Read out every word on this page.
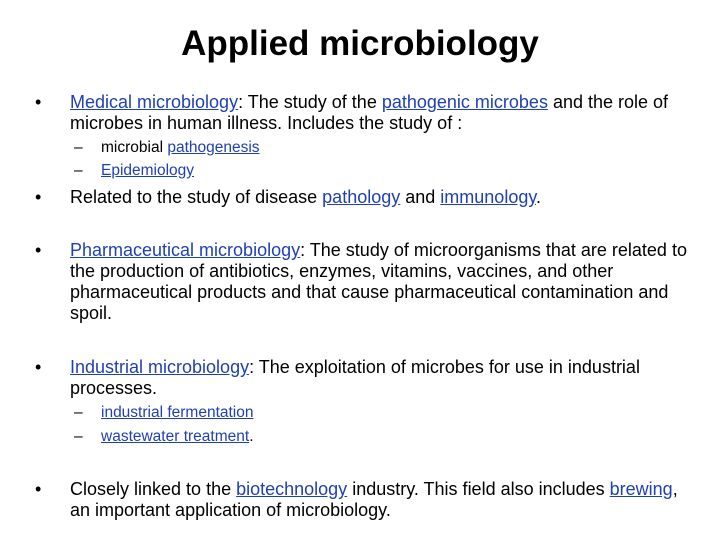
Applied microbiology
• Medical microbiology: The study of the pathogenic microbes and the role of microbes in human illness. Includes the study of :
– microbial pathogenesis
– Epidemiology
• Related to the study of disease pathology and immunology.
• Pharmaceutical microbiology: The study of microorganisms that are related to the production of antibiotics, enzymes, vitamins, vaccines, and other pharmaceutical products and that cause pharmaceutical contamination and spoil.
• Industrial microbiology: The exploitation of microbes for use in industrial processes.
– industrial fermentation
– wastewater treatment.
• Closely linked to the biotechnology industry. This field also includes brewing, an important application of microbiology.
